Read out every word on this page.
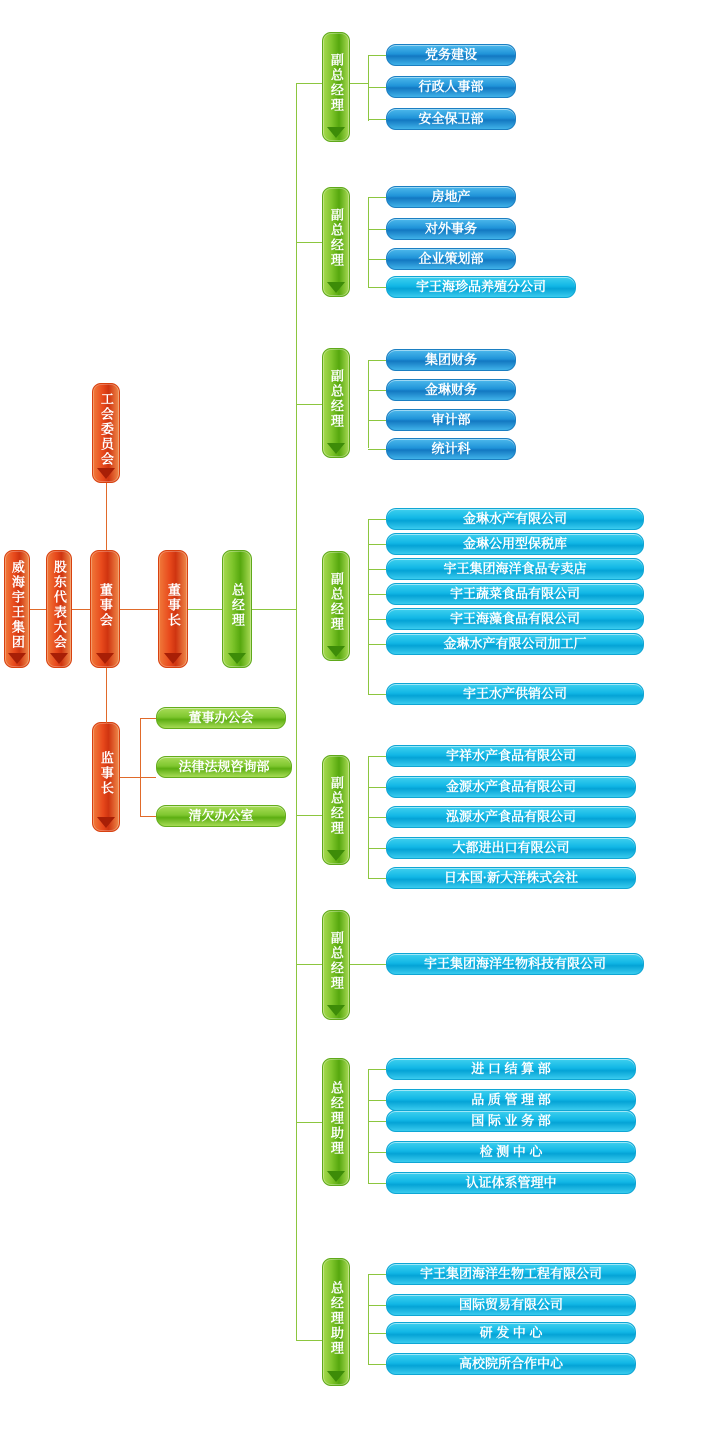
威海宇王集团 股东代表大会 董事会	董事长	总经理
工会委员会
监事长
董事办公会
法律法规咨询部
清欠办公室
副总经理	党务建设
行政人事部
安全保卫部
副总经理
房地产
对外事务
企业策划部
宇王海珍品养殖分公司
副总经理
集团财务
金琳财务
审计部
统计科
副总经理
金琳水产有限公司
金琳公用型保税库
宇王集团海洋食品专卖店
宇王蔬菜食品有限公司
宇王海藻食品有限公司
金琳水产有限公司加工厂
宇王水产供销公司
副总经理
宇祥水产食品有限公司
金源水产食品有限公司
泓源水产食品有限公司
大都进出口有限公司
日本国·新大洋株式会社
副总经理	宇王集团海洋生物科技有限公司
总经理助理
进 口 结 算 部
品 质 管 理 部
国 际 业 务 部
检 测 中 心
认证体系管理中
总经理助理
宇王集团海洋生物工程有限公司
国际贸易有限公司
研 发 中 心
高校院所合作中心
